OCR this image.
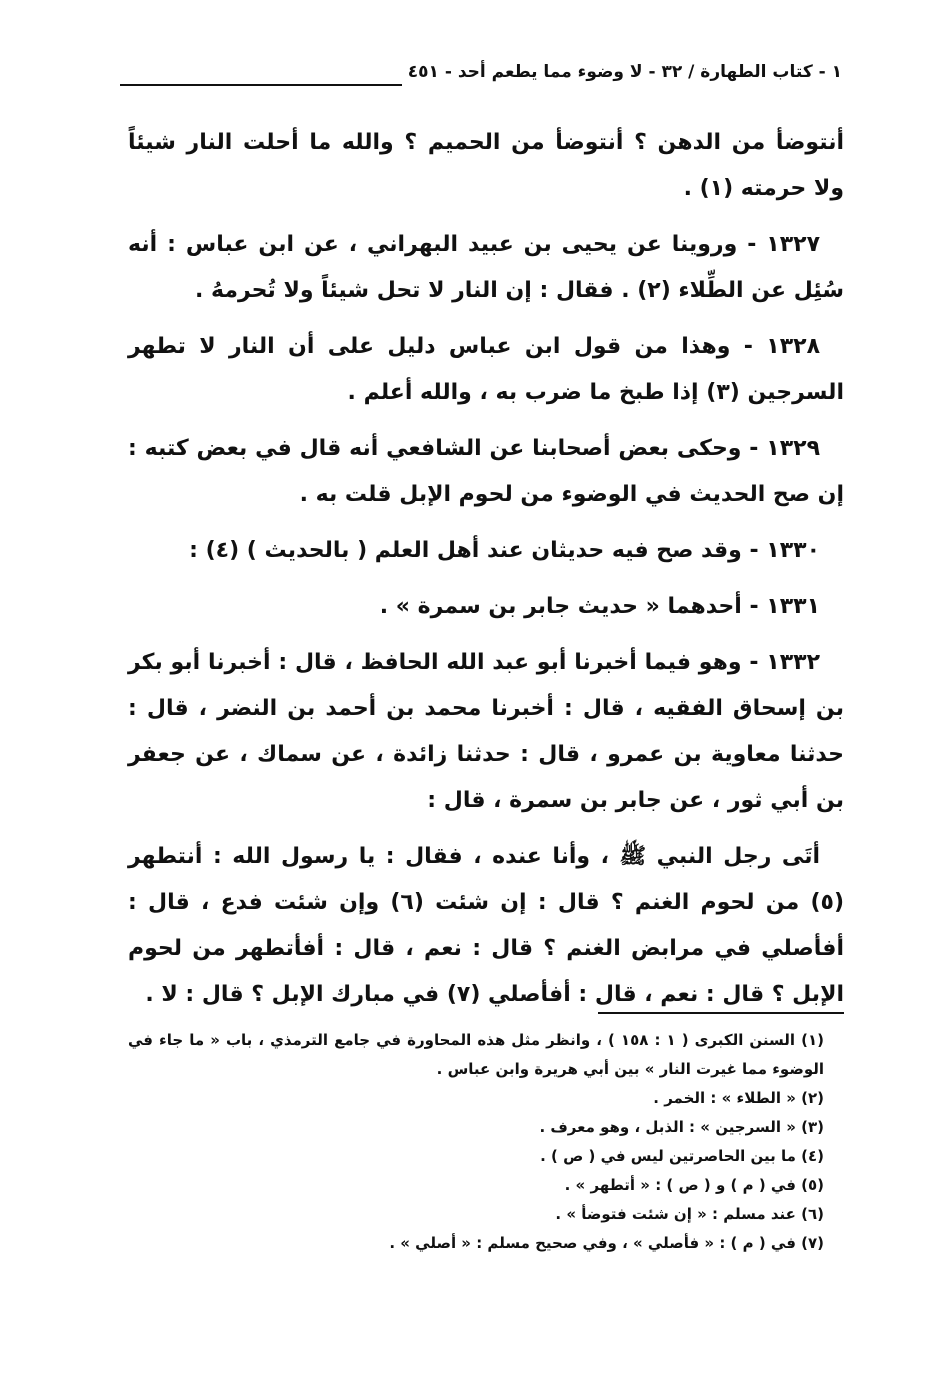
١ - كتاب الطهارة / ٣٢ - لا وضوء مما يطعم أحد - ٤٥١

أنتوضأ من الدهن ؟ أنتوضأ من الحميم ؟ والله ما أحلت النار شيئاً ولا حرمته (١) .

١٣٢٧ - وروينا عن يحيى بن عبيد البهراني ، عن ابن عباس : أنه سُئِل عن الطِّلاء (٢) . فقال : إن النار لا تحل شيئاً ولا تُحرمهُ .

١٣٢٨ - وهذا من قول ابن عباس دليل على أن النار لا تطهر السرجين (٣) إذا طبخ ما ضرب به ، والله أعلم .

١٣٢٩ - وحكى بعض أصحابنا عن الشافعي أنه قال في بعض كتبه : إن صح الحديث في الوضوء من لحوم الإبل قلت به .

١٣٣٠ - وقد صح فيه حديثان عند أهل العلم ( بالحديث ) (٤) :

١٣٣١ - أحدهما « حديث جابر بن سمرة » .

١٣٣٢ - وهو فيما أخبرنا أبو عبد الله الحافظ ، قال : أخبرنا أبو بكر بن إسحاق الفقيه ، قال : أخبرنا محمد بن أحمد بن النضر ، قال : حدثنا معاوية بن عمرو ، قال : حدثنا زائدة ، عن سماك ، عن جعفر بن أبي ثور ، عن جابر بن سمرة ، قال :

أتَى رجل النبي ﷺ ، وأنا عنده ، فقال : يا رسول الله : أنتطهر (٥) من لحوم الغنم ؟ قال : إن شئت (٦) وإن شئت فدع ، قال : أفأصلي في مرابض الغنم ؟ قال : نعم ، قال : أفأتطهر من لحوم الإبل ؟ قال : نعم ، قال : أفأصلي (٧) في مبارك الإبل ؟ قال : لا .

(١) السنن الكبرى ( ١ : ١٥٨ ) ، وانظر مثل هذه المحاورة في جامع الترمذي ، باب « ما جاء في الوضوء مما غيرت النار » بين أبي هريرة وابن عباس .

(٢) « الطلاء » : الخمر .

(٣) « السرجين » : الذبل ، وهو معرف .

(٤) ما بين الحاصرتين ليس في ( ص ) .

(٥) في ( م ) و ( ص ) : « أتطهر » .

(٦) عند مسلم : « إن شئت فتوضأ » .

(٧) في ( م ) : « فأصلي » ، وفي صحيح مسلم : « أصلي » .
